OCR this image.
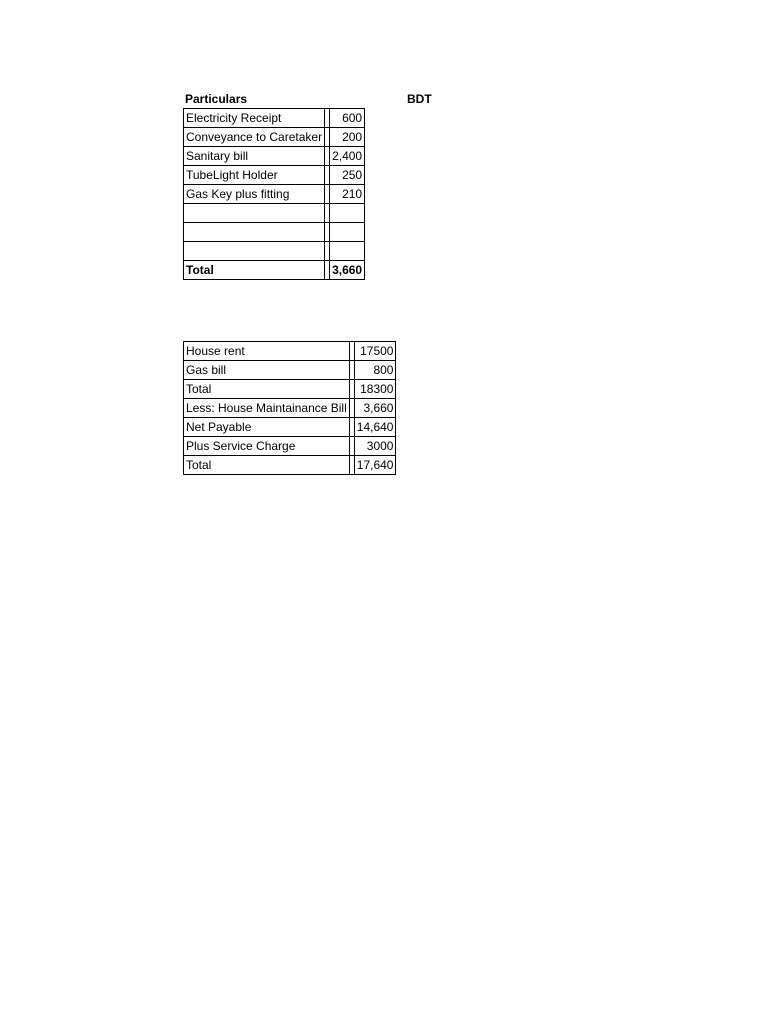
Particulars	BDT
Electricity Receipt		600
Conveyance to Caretaker		200
Sanitary bill		2,400
TubeLight Holder		250
Gas Key plus fitting		210

Total		3,660
House rent		17500
Gas bill		800
Total		18300
Less: House Maintainance Bill		3,660
Net Payable		14,640
Plus Service Charge		3000
Total		17,640
